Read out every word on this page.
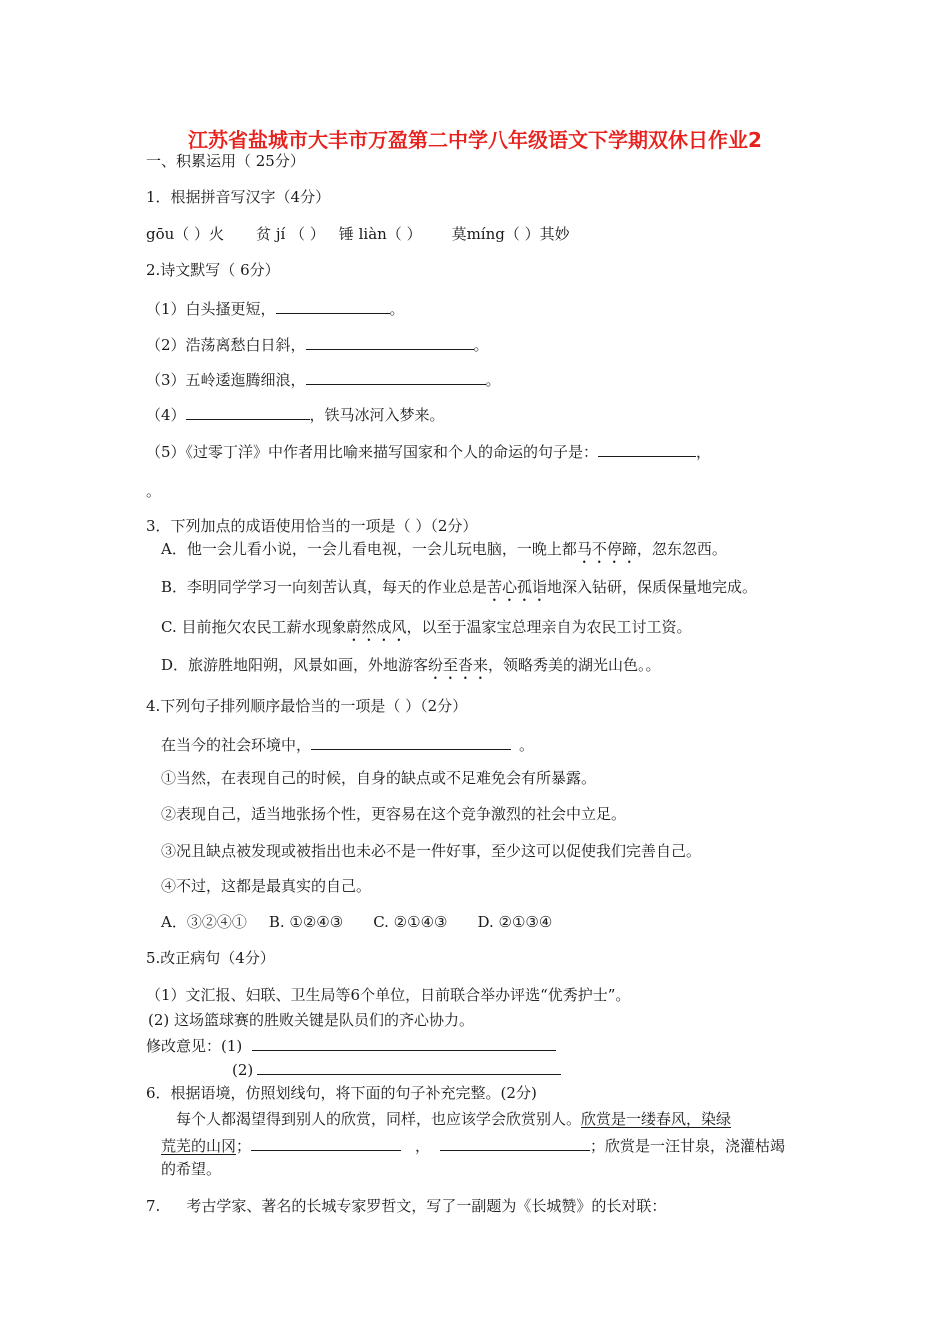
江苏省盐城市大丰市万盈第二中学八年级语文下学期双休日作业2
一、积累运用（ 25分）
1．根据拼音写汉字（4分）
gōu（ ）火 贫 jí （ ） 锤 liàn（ ） 莫míng（ ）其妙
2.诗文默写（ 6分）
（1）白头搔更短，	。
（2）浩荡离愁白日斜，	。
（3）五岭逶迤腾细浪，	。
（4）	，铁马冰河入梦来。
（5）《过零丁洋》中作者用比喻来描写国家和个人的命运的句子是：	，
。
3．下列加点的成语使用恰当的一项是（ ）（2分）
A．他一会儿看小说，一会儿看电视，一会儿玩电脑，一晚上都马不停蹄，忽东忽西。
B．李明同学学习一向刻苦认真，每天的作业总是苦心孤诣地深入钻研，保质保量地完成。
C. 目前拖欠农民工薪水现象蔚然成风，以至于温家宝总理亲自为农民工讨工资。
D．旅游胜地阳朔，风景如画，外地游客纷至沓来，领略秀美的湖光山色。。
4.下列句子排列顺序最恰当的一项是（ ）（2分）
在当今的社会环境中，	。
①当然，在表现自己的时候，自身的缺点或不足难免会有所暴露。
②表现自己，适当地张扬个性，更容易在这个竞争激烈的社会中立足。
③况且缺点被发现或被指出也未必不是一件好事，至少这可以促使我们完善自己。
④不过，这都是最真实的自己。
A．③②④① B. ①②④③ C. ②①④③ D. ②①③④
5.改正病句（4分）
（1）文汇报、妇联、卫生局等6个单位，日前联合举办评选“优秀护士”。
(2) 这场篮球赛的胜败关键是队员们的齐心协力。
修改意见：(1)
(2)
6．根据语境，仿照划线句，将下面的句子补充完整。(2分)
每个人都渴望得到别人的欣赏，同样，也应该学会欣赏别人。欣赏是一缕春风，染绿
荒芜的山冈；	，	；欣赏是一汪甘泉，浇灌枯竭
的希望。
7. 考古学家、著名的长城专家罗哲文，写了一副题为《长城赞》的长对联：
